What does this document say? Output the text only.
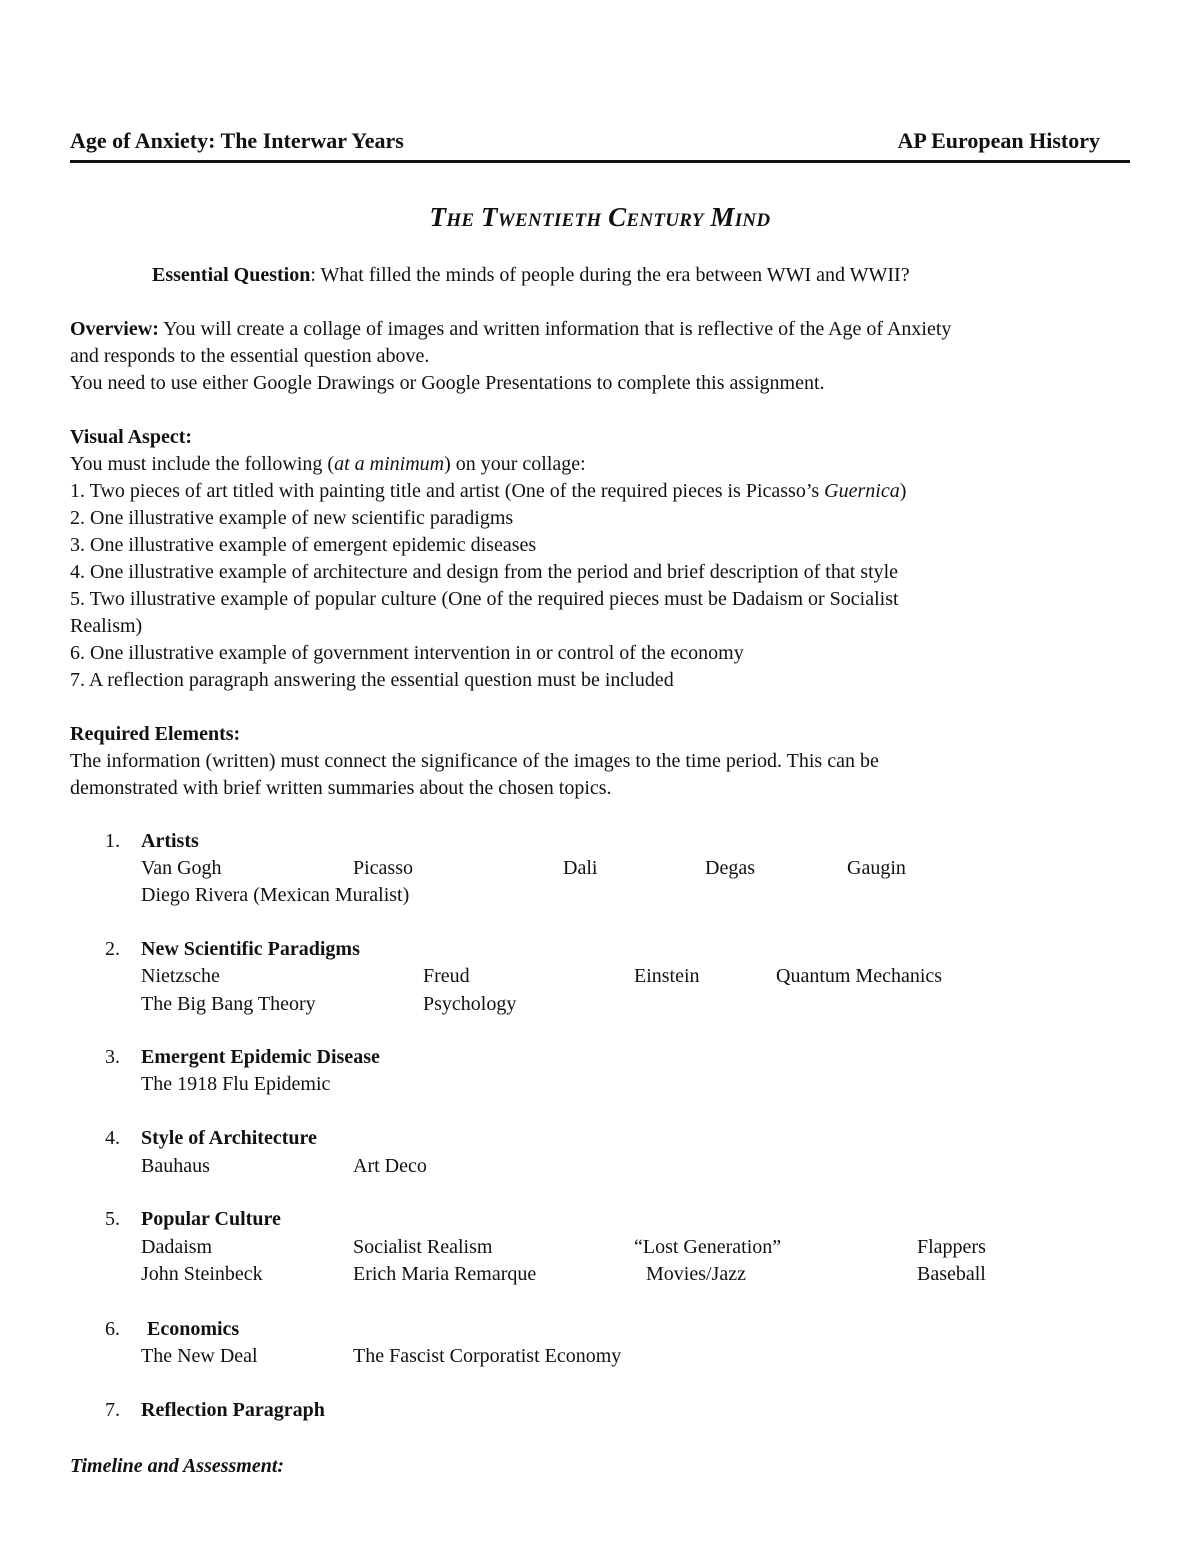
Age of Anxiety: The Interwar Years	AP European History
THE TWENTIETH CENTURY MIND
Essential Question: What filled the minds of people during the era between WWI and WWII?
Overview: You will create a collage of images and written information that is reflective of the Age of Anxiety
and responds to the essential question above.
You need to use either Google Drawings or Google Presentations to complete this assignment.
Visual Aspect:
You must include the following (at a minimum) on your collage:
1. Two pieces of art titled with painting title and artist (One of the required pieces is Picasso’s Guernica)
2. One illustrative example of new scientific paradigms
3. One illustrative example of emergent epidemic diseases
4. One illustrative example of architecture and design from the period and brief description of that style
5. Two illustrative example of popular culture (One of the required pieces must be Dadaism or Socialist
Realism)
6. One illustrative example of government intervention in or control of the economy
7. A reflection paragraph answering the essential question must be included
Required Elements:
The information (written) must connect the significance of the images to the time period. This can be
demonstrated with brief written summaries about the chosen topics.
1. Artists
Van Gogh	Picasso	Dali	Degas	Gaugin
Diego Rivera (Mexican Muralist)
2. New Scientific Paradigms
Nietzsche	Freud	Einstein	Quantum Mechanics
The Big Bang Theory	Psychology
3. Emergent Epidemic Disease
The 1918 Flu Epidemic
4. Style of Architecture
Bauhaus	Art Deco
5. Popular Culture
Dadaism	Socialist Realism	“Lost Generation”	Flappers
John Steinbeck	Erich Maria Remarque	Movies/Jazz	Baseball
6. Economics
The New Deal	The Fascist Corporatist Economy
7. Reflection Paragraph
Timeline and Assessment:
